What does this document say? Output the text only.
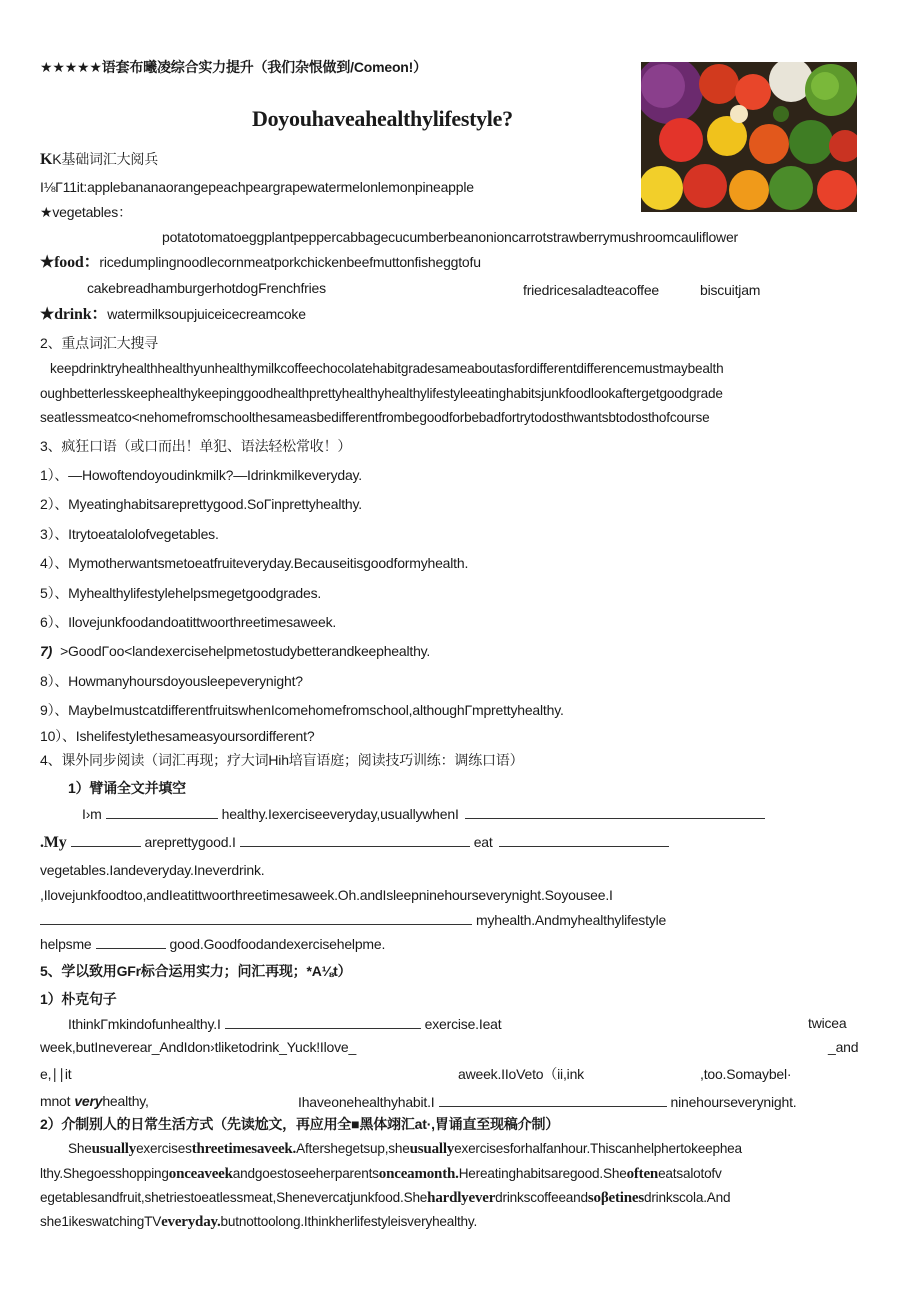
★★★★★语套布曦凌综合实力提升（我们杂恨做到/Comeon!）
Doyouhaveahealthylifestyle?
KK基础词汇大阅兵
I⅛Γ11it:applebananaorangepeachpeargrapewatermelonlemonpineapple
★vegetables：
potatotomatoeggplantpeppercabbagecucumberbeanonioncarrotstrawberrymushroomcauliflower
★food：ricedumplingnoodlecornmeatporkchickenbeefmuttonfisheggtofu
cakebreadhamburgerhotdogFrenchfries	friedricesaladteacoffee	biscuitjam
★drink：watermilksoupjuiceicecreamcoke
2、重点词汇大搜寻
keepdrinktryhealthhealthyunhealthymilkcoffeechocolatehabitgradesameaboutasfordifferentdifferencemustmaybealth
oughbetterlesskeephealthykeepinggoodhealthprettyhealthyhealthylifestyleeatinghabitsjunkfoodlookaftergetgoodgrade
seatlessmeatco<nehomefromschoolthesameasbedifferentfrombegoodforbebadfortrytodosthwantsbtodosthofcourse
3、疯狂口语（或口而出！单犯、语法轻松常收！）
1）、—Howoftendoyoudinkmilk?—Idrinkmilkeveryday.
2）、Myeatinghabitsareprettygood.SoΓinprettyhealthy.
3）、Itrytoeatalolofvegetables.
4）、Mymotherwantsmetoeatfruiteveryday.Becauseitisgoodformyhealth.
5）、Myhealthylifestylehelpsmegetgoodgrades.
6）、Ilovejunkfoodandoatittwoorthreetimesaweek.
7) >GoodΓoo<landexercisehelpmetostudybetterandkeephealthy.
8）、Howmanyhoursdoyousleepeverynight?
9）、MaybeImustcatdifferentfruitswhenIcomehomefromschool,althoughΓmprettyhealthy.
10）、Ishelifestylethesameasyoursordifferent?
4、课外同步阅读（词汇再现；疗大词Hih培盲语庭；阅读技巧训练：调练口语）
1）臂诵全文并填空
I›m	healthy.Iexerciseeveryday,usuallywhenI
.My	areprettygood.I	eat
vegetables.Iandeveryday.Ineverdrink.
,Ilovejunkfoodtoo,andIeatittwoorthreetimesaweek.Oh.andIsleepninehourseverynight.Soyousee.I
myhealth.Andmyhealthylifestyle
helpsme	good.Goodfoodandexercisehelpme.
5、学以致用GFr标合运用实力；问汇再现；*A⅛t）
1）朴克句子
IthinkΓmkindofunhealthy.I	exercise.Ieat	twicea
week,butIneverear_AndIdon›tliketodrink_Yuck!Ilove_	_and
e,∣∣it	aweek.IIoVeto（ii,ink	,too.Somaybel·
mnot veryhealthy,	Ihaveonehealthyhabit.I	ninehourseverynight.
2）介制别人的日常生活方式（先读尬文，再应用全■黑体翊汇at·,胃诵直至现稿介制）
Sheusuallyexercisesthreetimesaveek.Aftershegetsup,sheusuallyexercisesforhalfanhour.Thiscanhelphertokeephea
lthy.Shegoesshoppingonceaveekandgoestoseeherparentsonceamonth.Hereatinghabitsaregood.Sheofteneatsalotofv
egetablesandfruit,shetriestoeatlessmeat,Shenevercatjunkfood.Shehardlyeverdrinkscoffeeandsoβetinesdrinkscola.And
she1ikeswatchingTVeveryday.butnottoolong.Ithinkherlifestyleisveryhealthy.
